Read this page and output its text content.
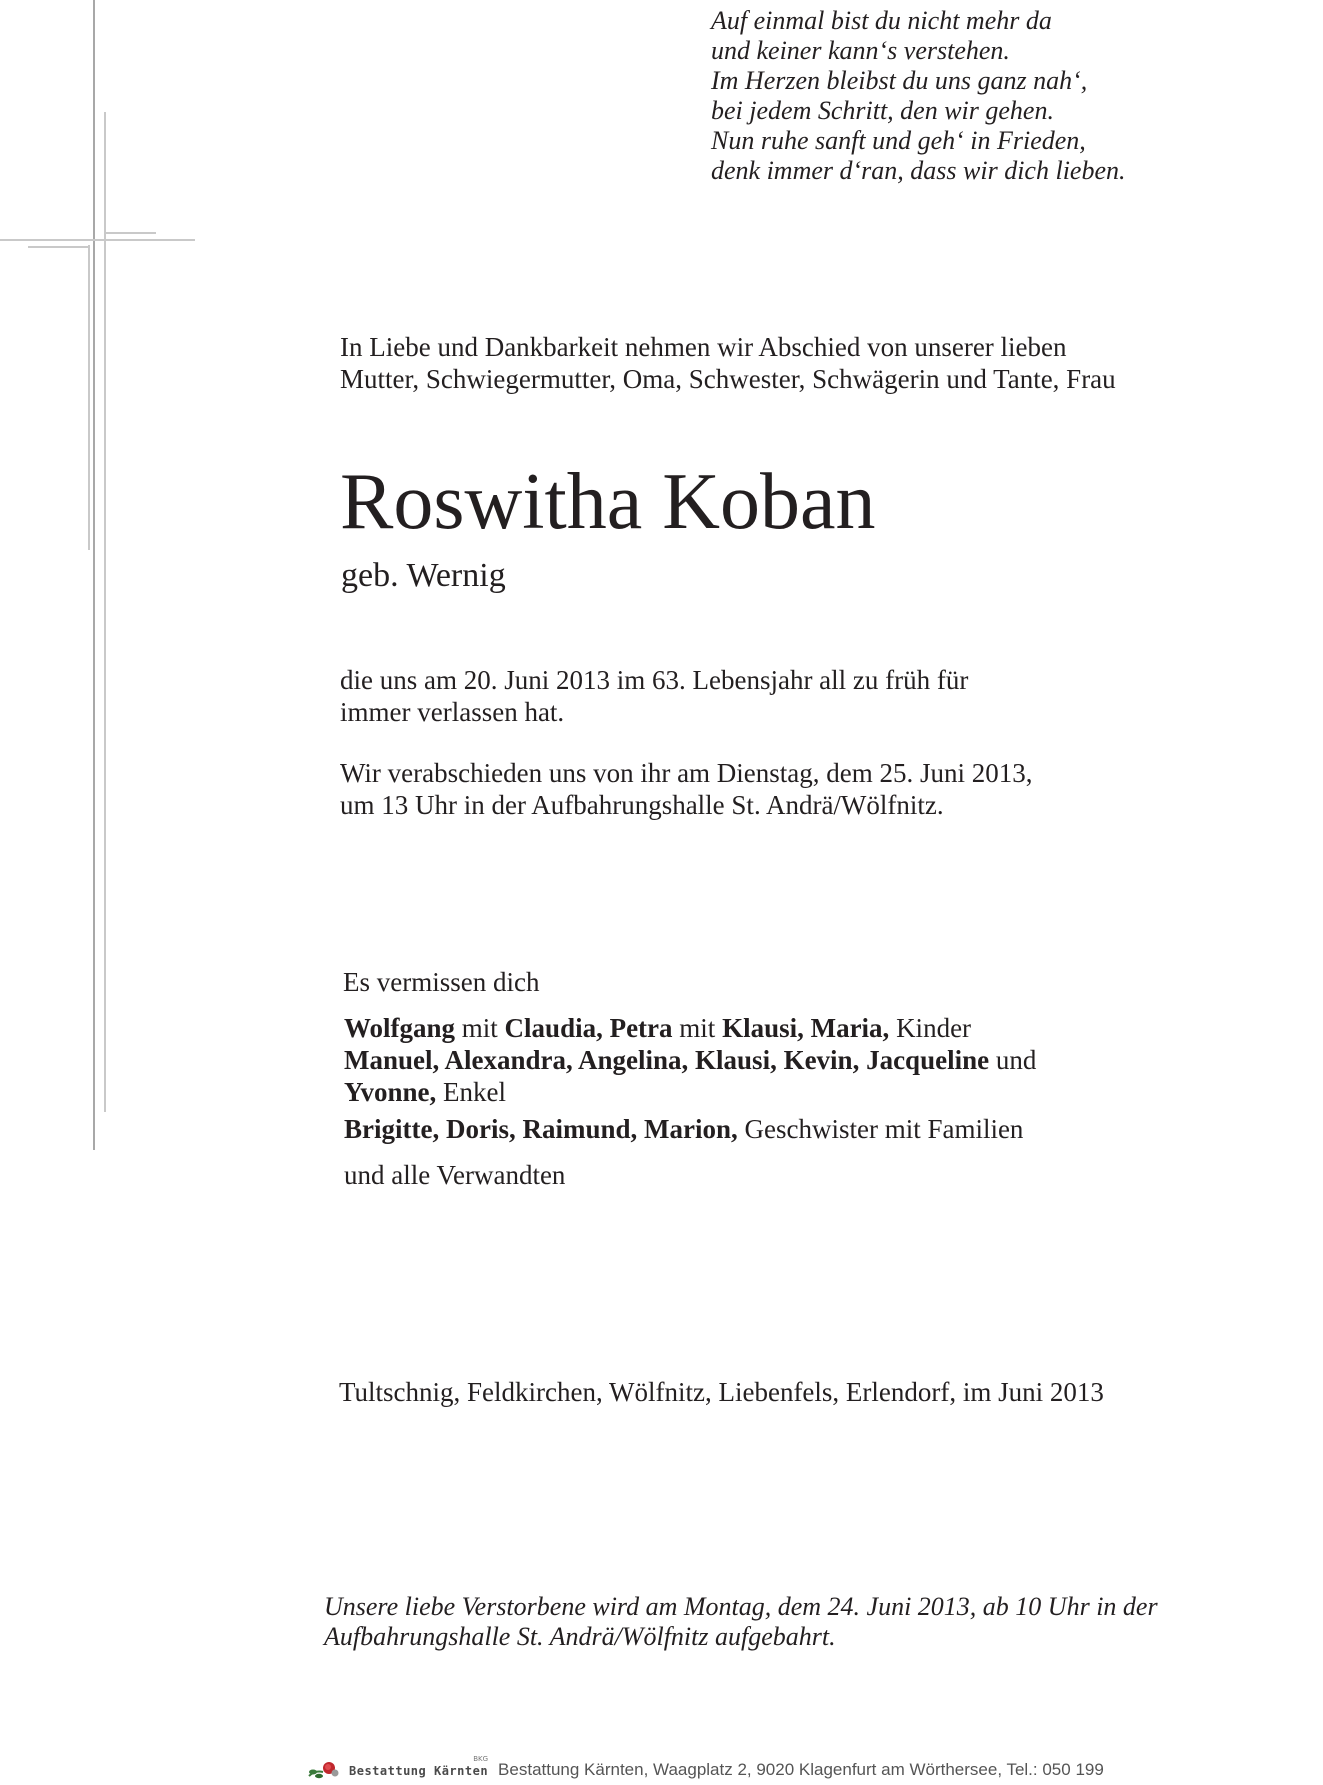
Auf einmal bist du nicht mehr da
und keiner kann‘s verstehen.
Im Herzen bleibst du uns ganz nah‘,
bei jedem Schritt, den wir gehen.
Nun ruhe sanft und geh‘ in Frieden,
denk immer d‘ran, dass wir dich lieben.
In Liebe und Dankbarkeit nehmen wir Abschied von unserer lieben
Mutter, Schwiegermutter, Oma, Schwester, Schwägerin und Tante, Frau
Roswitha Koban
geb. Wernig
die uns am 20. Juni 2013 im 63. Lebensjahr all zu früh für
immer verlassen hat.
Wir verabschieden uns von ihr am Dienstag, dem 25. Juni 2013,
um 13 Uhr in der Aufbahrungshalle St. Andrä/Wölfnitz.
Es vermissen dich
Wolfgang mit Claudia, Petra mit Klausi, Maria, Kinder
Manuel, Alexandra, Angelina, Klausi, Kevin, Jacqueline und
Yvonne, Enkel
Brigitte, Doris, Raimund, Marion, Geschwister mit Familien
und alle Verwandten
Tultschnig, Feldkirchen, Wölfnitz, Liebenfels, Erlendorf, im Juni 2013
Unsere liebe Verstorbene wird am Montag, dem 24. Juni 2013, ab 10 Uhr in der
Aufbahrungshalle St. Andrä/Wölfnitz aufgebahrt.
BKG
Bestattung Kärnten Bestattung Kärnten, Waagplatz 2, 9020 Klagenfurt am Wörthersee, Tel.: 050 199
